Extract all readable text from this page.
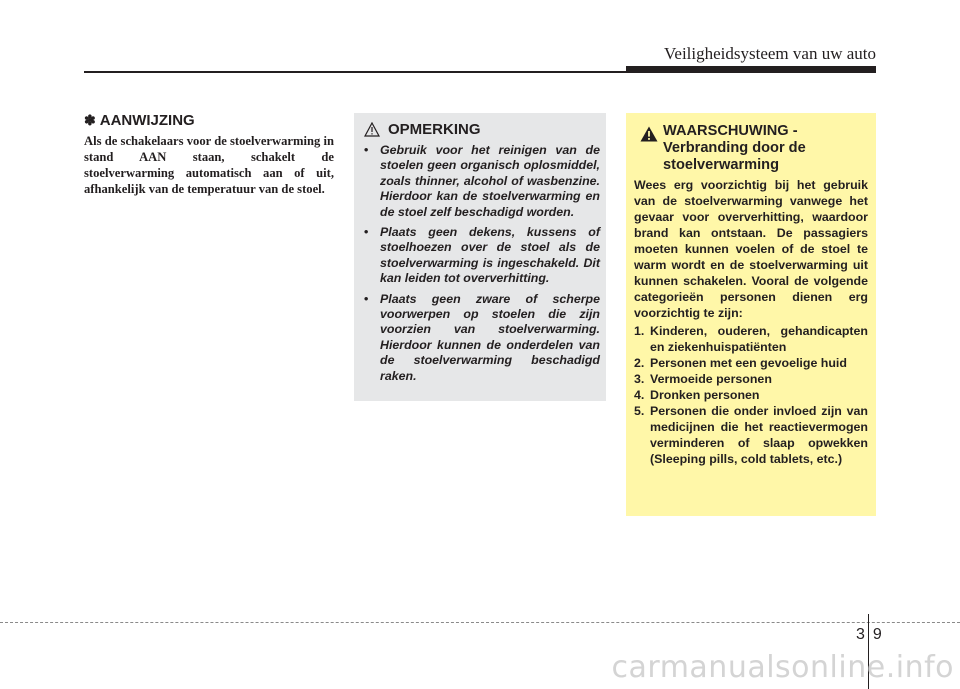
Veiligheidsysteem van uw auto
✽ AANWIJZING

Als de schakelaars voor de stoelverwarming in stand AAN staan, schakelt de stoelverwarming automatisch aan of uit, afhankelijk van de temperatuur van de stoel.

OPMERKING
• Gebruik voor het reinigen van de stoelen geen organisch oplosmiddel, zoals thinner, alcohol of wasbenzine. Hierdoor kan de stoelverwarming en de stoel zelf beschadigd worden.
• Plaats geen dekens, kussens of stoelhoezen over de stoel als de stoelverwarming is ingeschakeld. Dit kan leiden tot oververhitting.
• Plaats geen zware of scherpe voorwerpen op stoelen die zijn voorzien van stoelverwarming. Hierdoor kunnen de onderdelen van de stoelverwarming beschadigd raken.

WAARSCHUWING -

Verbranding door de

stoelverwarming

Wees erg voorzichtig bij het gebruik van de stoelverwarming vanwege het gevaar voor oververhitting, waardoor brand kan ontstaan. De passagiers moeten kunnen voelen of de stoel te warm wordt en de stoelverwarming uit kunnen schakelen. Vooral de volgende categorieën personen dienen erg voorzichtig te zijn:
1. Kinderen, ouderen, gehandicapten en ziekenhuispatiënten
2. Personen met een gevoelige huid
3. Vermoeide personen
4. Dronken personen
5. Personen die onder invloed zijn van medicijnen die het reactievermogen verminderen of slaap opwekken (Sleeping pills, cold tablets, etc.)
39
carmanualsonline.info
